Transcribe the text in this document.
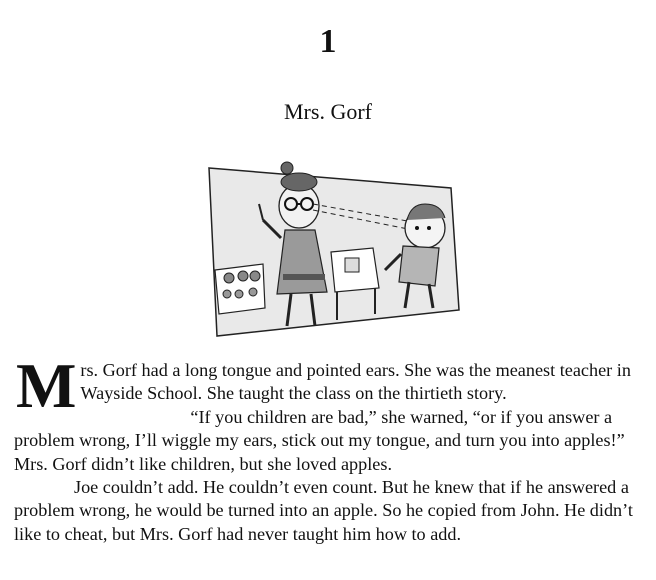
1
Mrs. Gorf

M rs. Gorf had a long tongue and pointed ears. She was the meanest teacher in Wayside School. She taught the class on the thirtieth story.

“If you children are bad,” she warned, “or if you answer a problem wrong, I’ll wiggle my ears, stick out my tongue, and turn you into apples!” Mrs. Gorf didn’t like children, but she loved apples.

Joe couldn’t add. He couldn’t even count. But he knew that if he answered a problem wrong, he would be turned into an apple. So he copied from John. He didn’t like to cheat, but Mrs. Gorf had never taught him how to add.
